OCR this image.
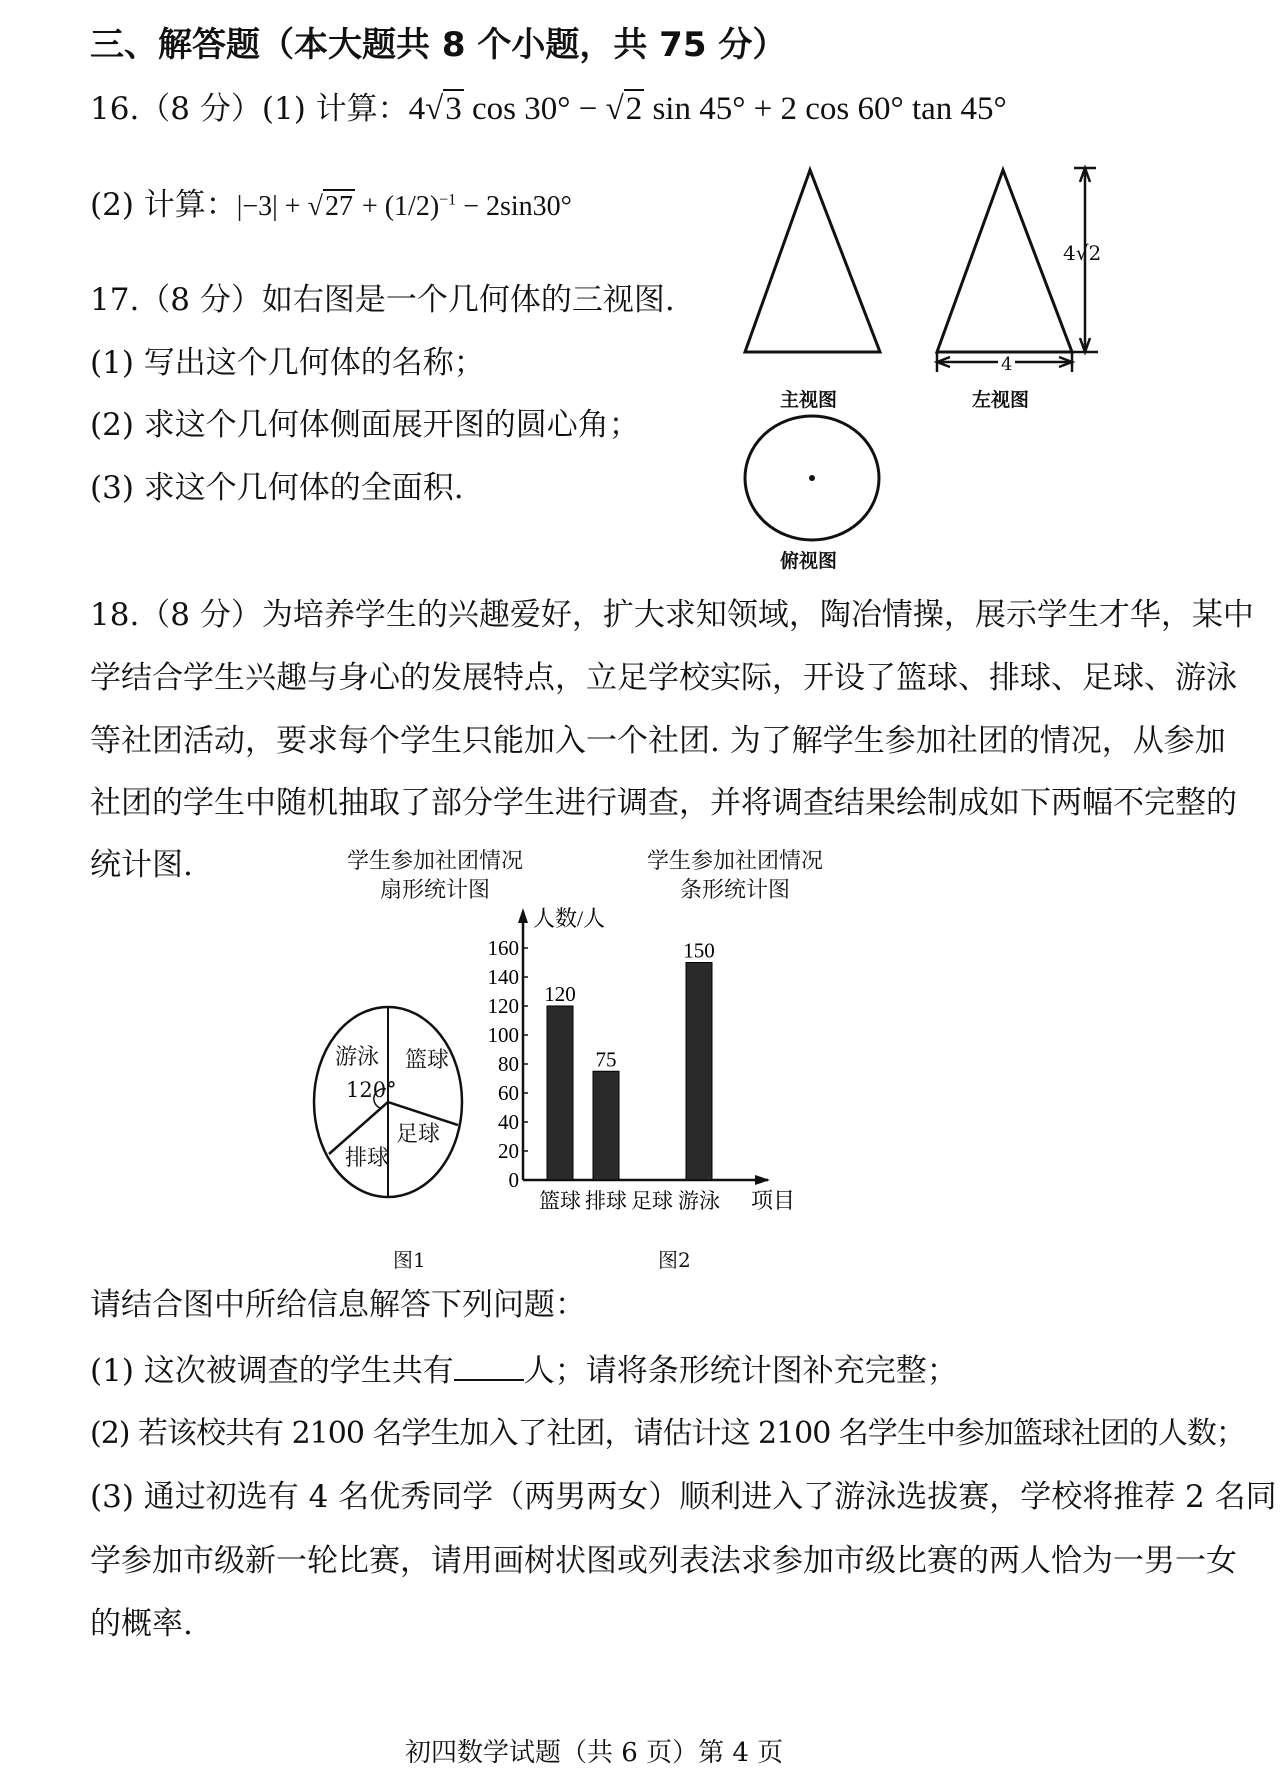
三、解答题（本大题共 8 个小题，共 75 分）
16.（8 分）(1) 计算：4√3 cos 30° − √2 sin 45° + 2 cos 60° tan 45°
(2) 计算：$|-3| + √27 + (1/2)^{-1} - 2\sin 30^\circ$
17.（8 分）如右图是一个几何体的三视图.
(1) 写出这个几何体的名称；
(2) 求这个几何体侧面展开图的圆心角；
(3) 求这个几何体的全面积.
0
20
40
60
80
100
120
140
160
人数/人
项目
120
篮球
75
排球 足球
150
游泳
4√2
4
主视图	左视图
俯视图
18.（8 分）为培养学生的兴趣爱好，扩大求知领域，陶冶情操，展示学生才华，某中
学结合学生兴趣与身心的发展特点，立足学校实际，开设了篮球、排球、足球、游泳
等社团活动，要求每个学生只能加入一个社团. 为了解学生参加社团的情况，从参加
社团的学生中随机抽取了部分学生进行调查，并将调查结果绘制成如下两幅不完整的
统计图.	学生参加社团情况
扇形统计图
学生参加社团情况
条形统计图
游泳
120°
篮球
足球
排球
图1	图2
请结合图中所给信息解答下列问题：
(1) 这次被调查的学生共有 人；请将条形统计图补充完整；
(2) 若该校共有 2100 名学生加入了社团，请估计这 2100 名学生中参加篮球社团的人数；
(3) 通过初选有 4 名优秀同学（两男两女）顺利进入了游泳选拔赛，学校将推荐 2 名同
学参加市级新一轮比赛，请用画树状图或列表法求参加市级比赛的两人恰为一男一女
的概率.
初四数学试题（共 6 页）第 4 页
